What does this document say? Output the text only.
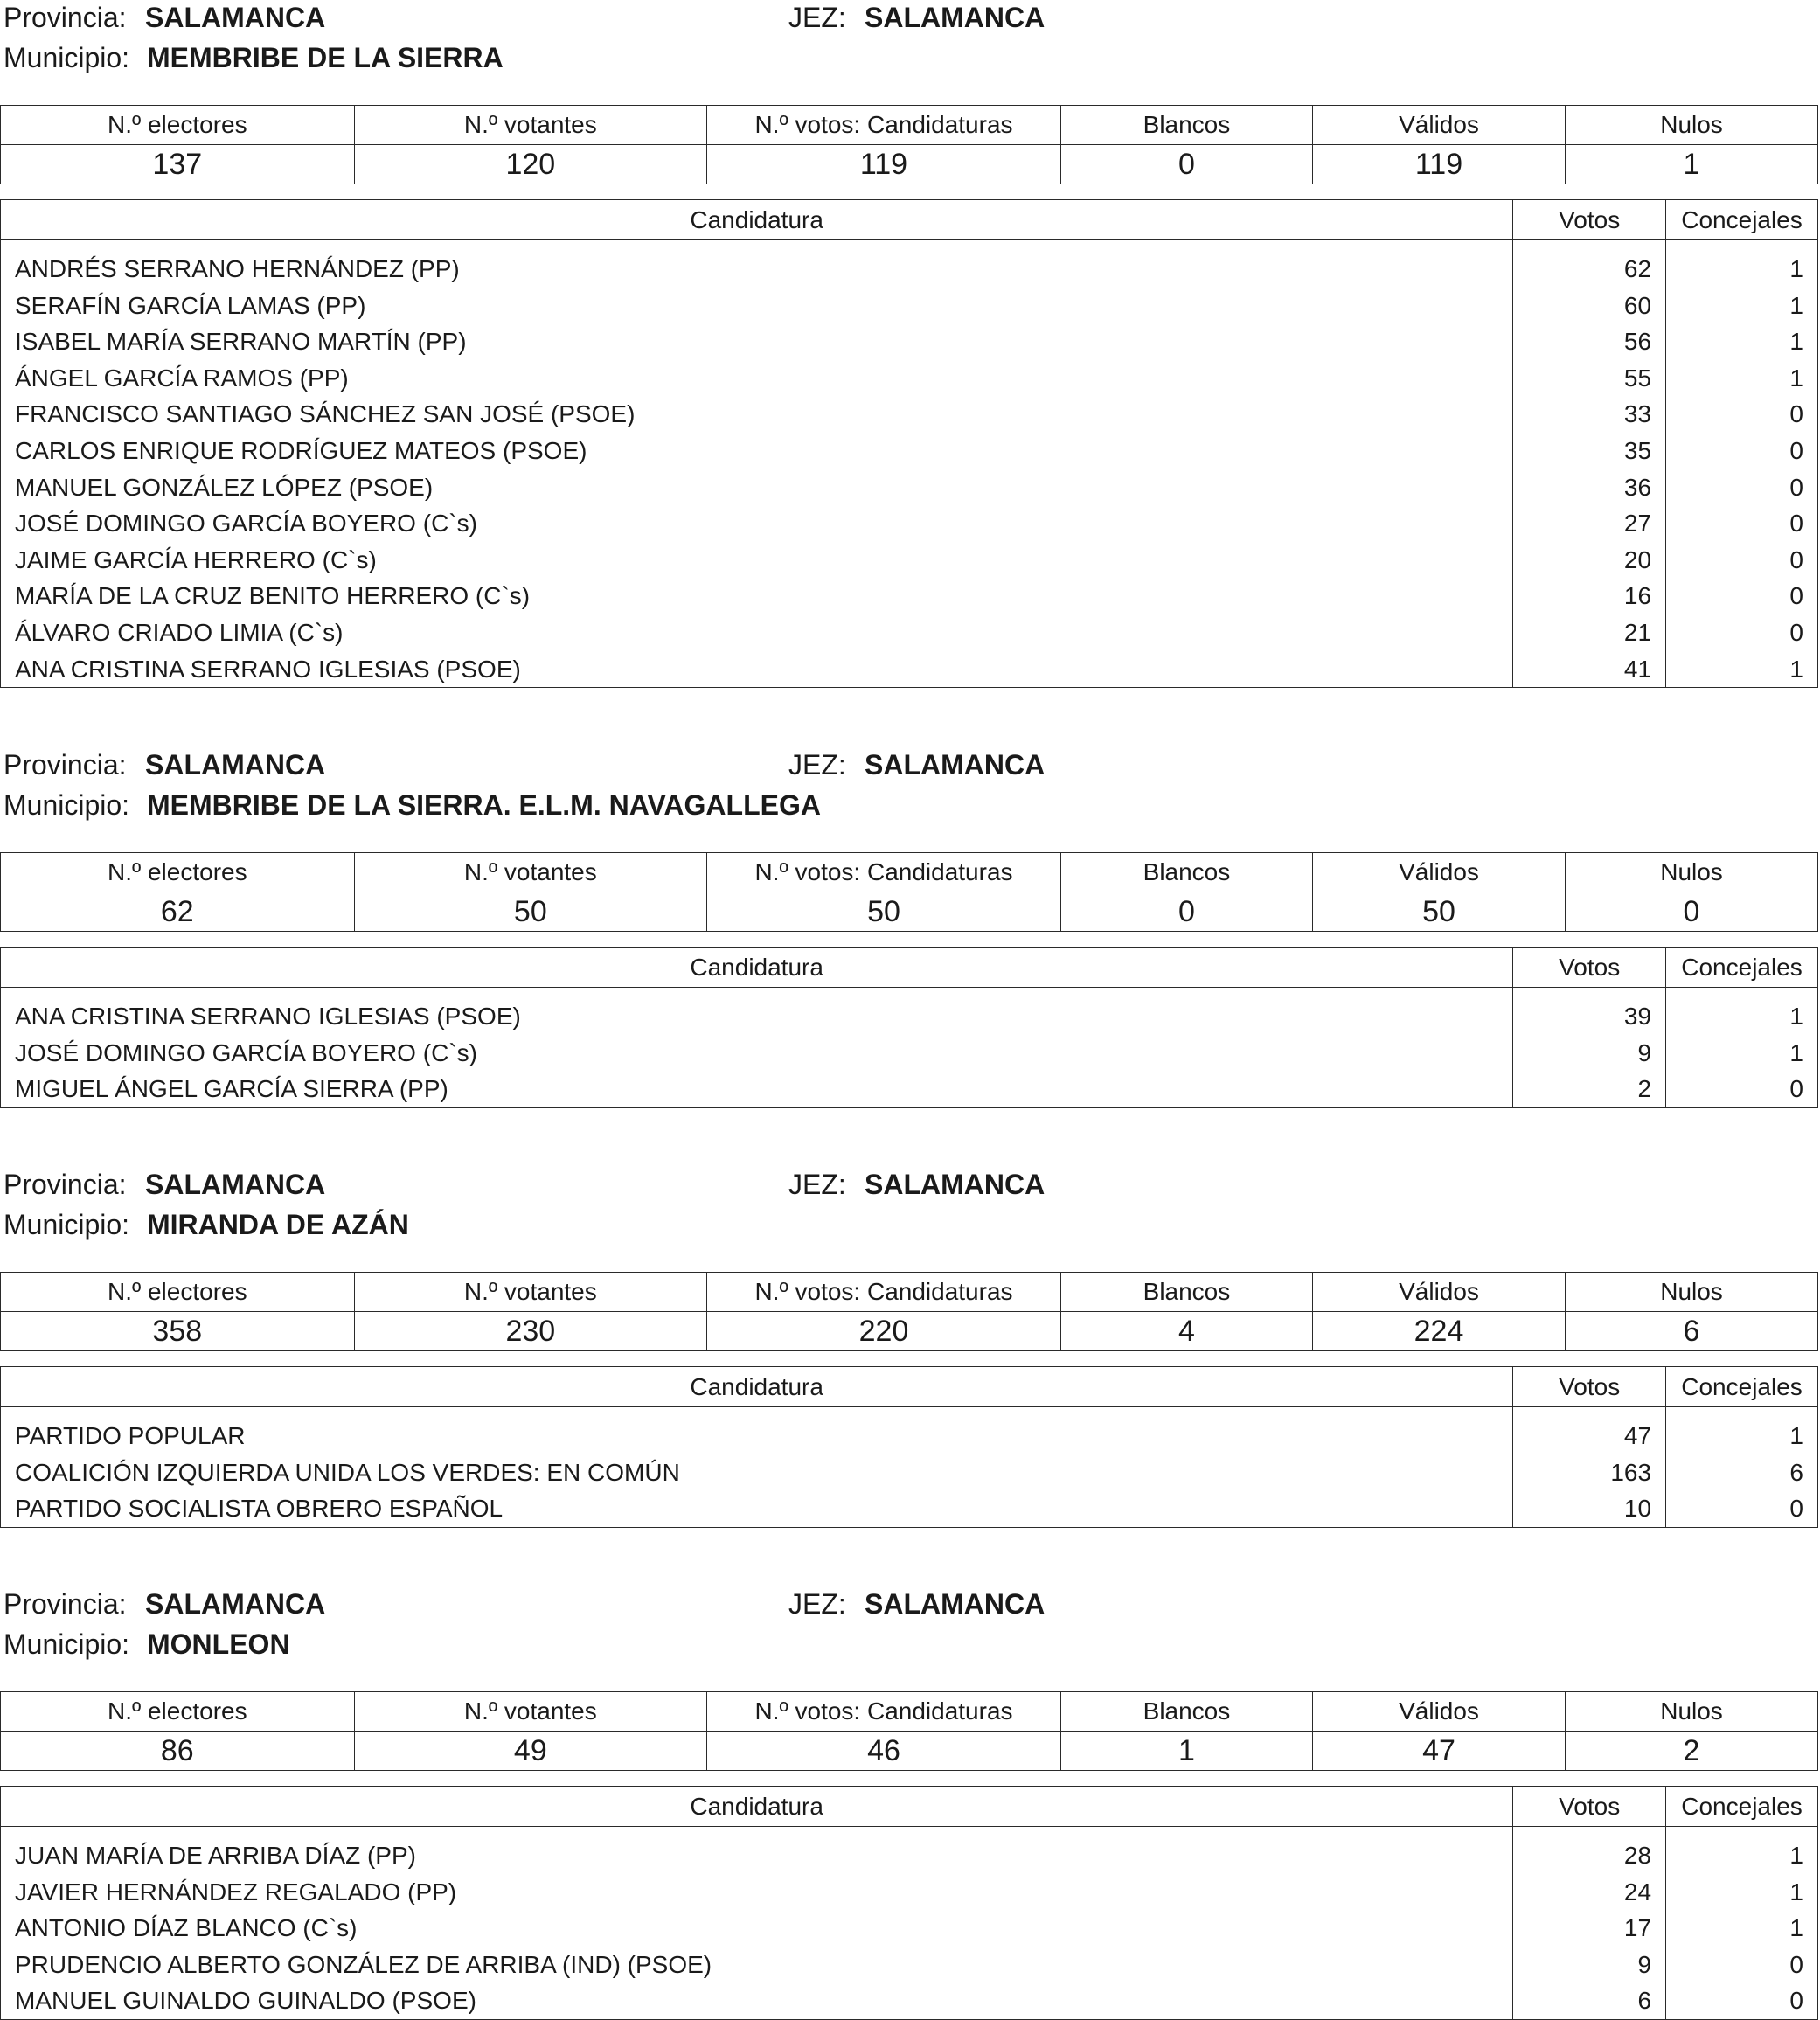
Provincia: SALAMANCA	JEZ: SALAMANCA
Municipio: MEMBRIBE DE LA SIERRA
N.º electores	N.º votantes	N.º votos: Candidaturas	Blancos	Válidos	Nulos
137	120	119	0	119	1
Candidatura	Votos	Concejales
ANDRÉS SERRANO HERNÁNDEZ (PP)	62	1
SERAFÍN GARCÍA LAMAS (PP)	60	1
ISABEL MARÍA SERRANO MARTÍN (PP)	56	1
ÁNGEL GARCÍA RAMOS (PP)	55	1
FRANCISCO SANTIAGO SÁNCHEZ SAN JOSÉ (PSOE)	33	0
CARLOS ENRIQUE RODRÍGUEZ MATEOS (PSOE)	35	0
MANUEL GONZÁLEZ LÓPEZ (PSOE)	36	0
JOSÉ DOMINGO GARCÍA BOYERO (C`s)	27	0
JAIME GARCÍA HERRERO (C`s)	20	0
MARÍA DE LA CRUZ BENITO HERRERO (C`s)	16	0
ÁLVARO CRIADO LIMIA (C`s)	21	0
ANA CRISTINA SERRANO IGLESIAS (PSOE)	41	1
Provincia: SALAMANCA	JEZ: SALAMANCA
Municipio: MEMBRIBE DE LA SIERRA. E.L.M. NAVAGALLEGA
N.º electores	N.º votantes	N.º votos: Candidaturas	Blancos	Válidos	Nulos
62	50	50	0	50	0
Candidatura	Votos	Concejales
ANA CRISTINA SERRANO IGLESIAS (PSOE)	39	1
JOSÉ DOMINGO GARCÍA BOYERO (C`s)	9	1
MIGUEL ÁNGEL GARCÍA SIERRA (PP)	2	0
Provincia: SALAMANCA	JEZ: SALAMANCA
Municipio: MIRANDA DE AZÁN
N.º electores	N.º votantes	N.º votos: Candidaturas	Blancos	Válidos	Nulos
358	230	220	4	224	6
Candidatura	Votos	Concejales
PARTIDO POPULAR	47	1
COALICIÓN IZQUIERDA UNIDA LOS VERDES: EN COMÚN	163	6
PARTIDO SOCIALISTA OBRERO ESPAÑOL	10	0
Provincia: SALAMANCA	JEZ: SALAMANCA
Municipio: MONLEON
N.º electores	N.º votantes	N.º votos: Candidaturas	Blancos	Válidos	Nulos
86	49	46	1	47	2
Candidatura	Votos	Concejales
JUAN MARÍA DE ARRIBA DÍAZ (PP)	28	1
JAVIER HERNÁNDEZ REGALADO (PP)	24	1
ANTONIO DÍAZ BLANCO (C`s)	17	1
PRUDENCIO ALBERTO GONZÁLEZ DE ARRIBA (IND) (PSOE)	9	0
MANUEL GUINALDO GUINALDO (PSOE)	6	0
